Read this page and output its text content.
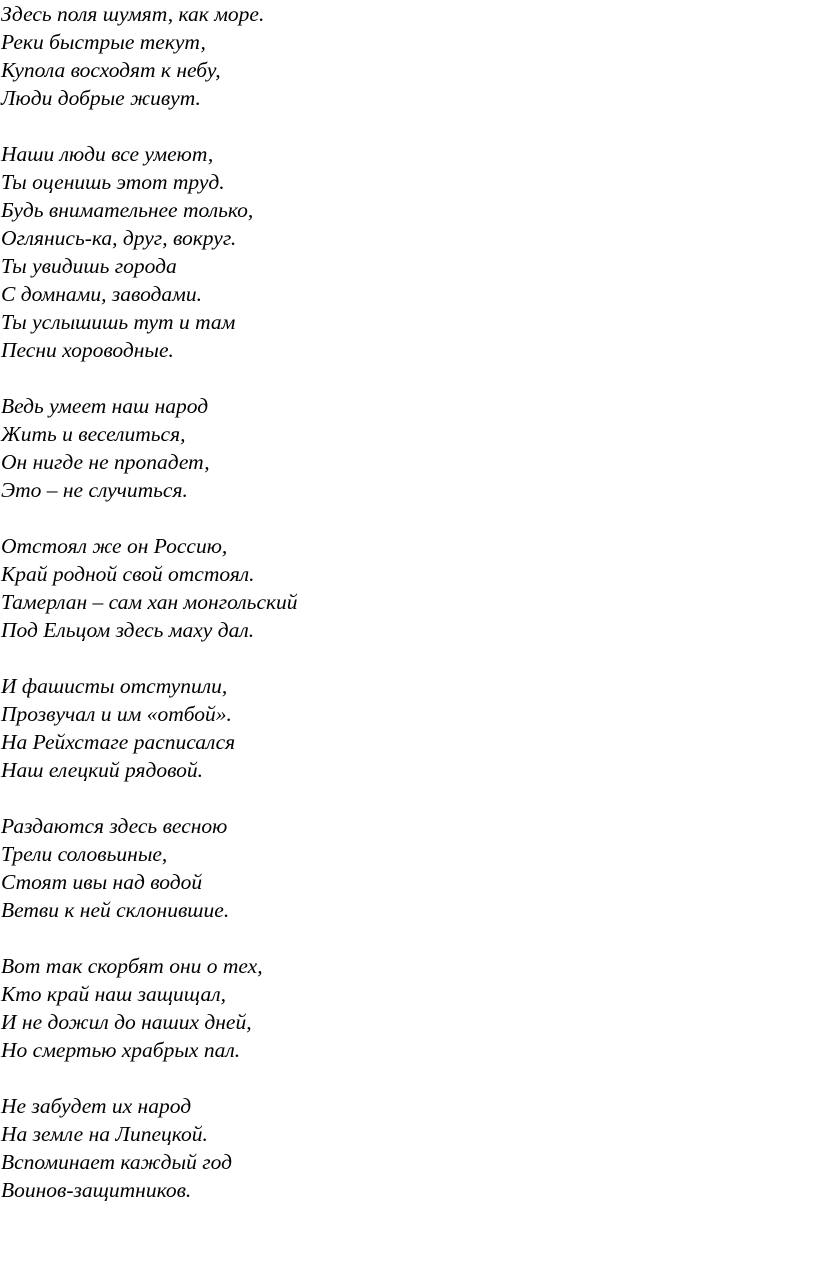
Здесь поля шумят, как море.
Реки быстрые текут,
Купола восходят к небу,
Люди добрые живут.
Наши люди все умеют,
Ты оценишь этот труд.
Будь внимательнее только,
Оглянись-ка, друг, вокруг.
Ты увидишь города
С домнами, заводами.
Ты услышишь тут и там
Песни хороводные.
Ведь умеет наш народ
Жить и веселиться,
Он нигде не пропадет,
Это – не случиться.
Отстоял же он Россию,
Край родной свой отстоял.
Тамерлан – сам хан монгольский
Под Ельцом здесь маху дал.
И фашисты отступили,
Прозвучал и им «отбой».
На Рейхстаге расписался
Наш елецкий рядовой.
Раздаются здесь весною
Трели соловьиные,
Стоят ивы над водой
Ветви к ней склонившие.
Вот так скорбят они о тех,
Кто край наш защищал,
И не дожил до наших дней,
Но смертью храбрых пал.
Не забудет их народ
На земле на Липецкой.
Вспоминает каждый год
Воинов-защитников.
